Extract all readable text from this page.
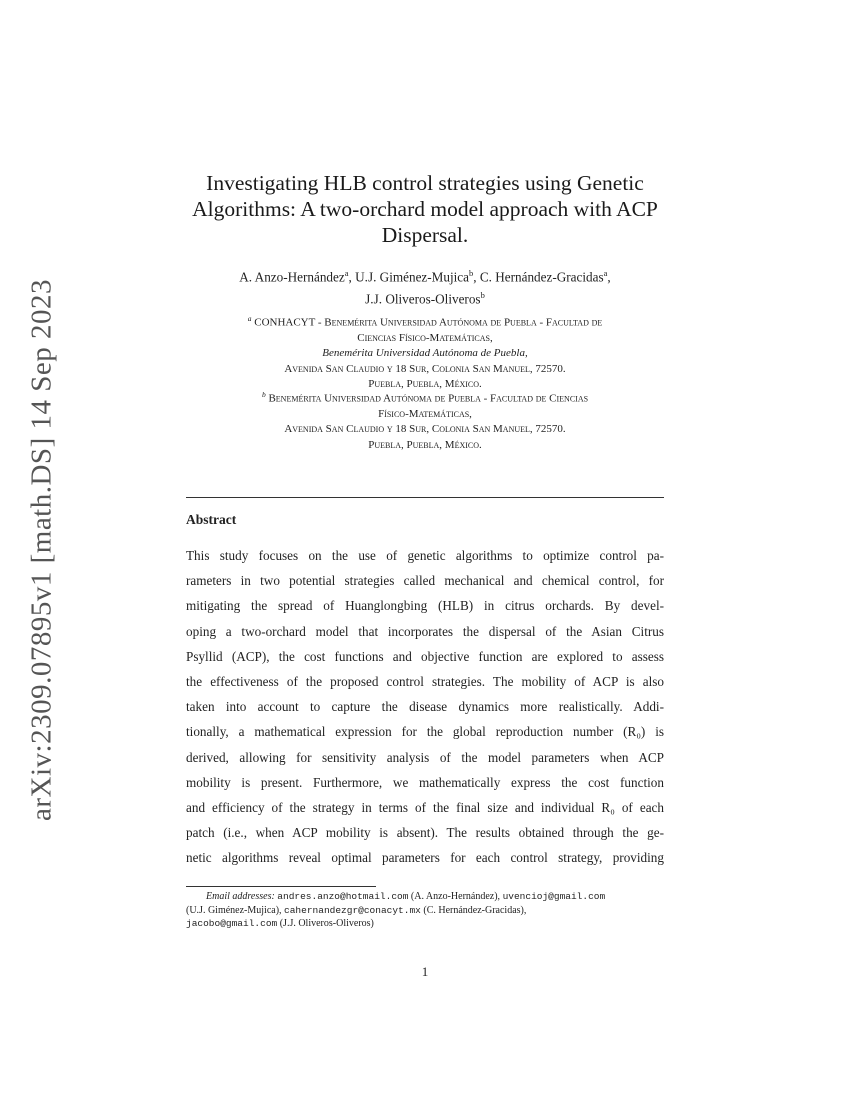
arXiv:2309.07895v1 [math.DS] 14 Sep 2023
Investigating HLB control strategies using Genetic
Algorithms: A two-orchard model approach with ACP
Dispersal.
A. Anzo-Hernández$^a$, U.J. Giménez-Mujica$^b$, C. Hernández-Gracidas$^a$,
J.J. Oliveros-Oliveros$^b$
$^a$ CONHACYT - Benemérita Universidad Autónoma de Puebla - Facultad de
Ciencias Físico-Matemáticas,
Benemérita Universidad Autónoma de Puebla,
Avenida San Claudio y 18 Sur, Colonia San Manuel, 72570.
Puebla, Puebla, México.
$^b$ Benemérita Universidad Autónoma de Puebla - Facultad de Ciencias
Físico-Matemáticas,
Avenida San Claudio y 18 Sur, Colonia San Manuel, 72570.
Puebla, Puebla, México.
Abstract
This study focuses on the use of genetic algorithms to optimize control pa-
rameters in two potential strategies called mechanical and chemical control, for
mitigating the spread of Huanglongbing (HLB) in citrus orchards. By devel-
oping a two-orchard model that incorporates the dispersal of the Asian Citrus
Psyllid (ACP), the cost functions and objective function are explored to assess
the effectiveness of the proposed control strategies. The mobility of ACP is also
taken into account to capture the disease dynamics more realistically. Addi-
tionally, a mathematical expression for the global reproduction number (R₀) is
derived, allowing for sensitivity analysis of the model parameters when ACP
mobility is present. Furthermore, we mathematically express the cost function
and efficiency of the strategy in terms of the final size and individual R₀ of each
patch (i.e., when ACP mobility is absent). The results obtained through the ge-
netic algorithms reveal optimal parameters for each control strategy, providing
Email addresses: andres.anzo@hotmail.com (A. Anzo-Hernández), uvencioj@gmail.com
(U.J. Giménez-Mujica), cahernandezgr@conacyt.mx (C. Hernández-Gracidas),
jacobo@gmail.com (J.J. Oliveros-Oliveros)
1
